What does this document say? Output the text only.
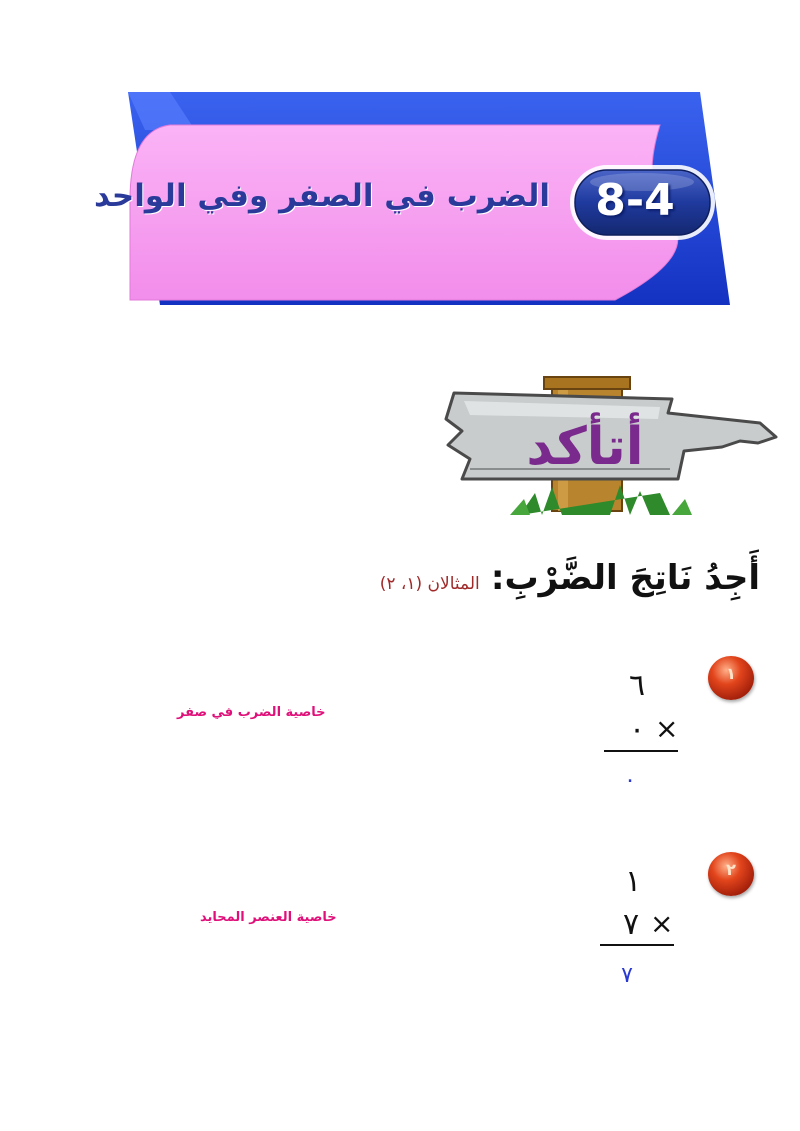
الضرب في الصفر وفي الواحد	8-4
أتأكد
أَجِدُ نَاتِجَ الضَّرْبِ: المثالان (١، ٢)
١
٦
٠ ×
٠
خاصية الضرب في صفر
٢
١
٧ ×
٧
خاصية العنصر المحايد
